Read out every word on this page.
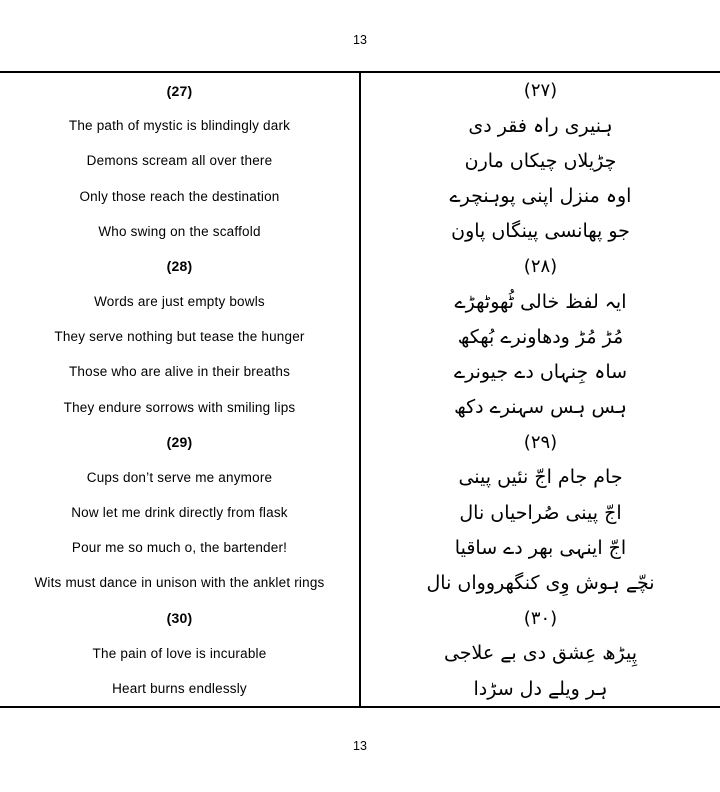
13
(27)
The path of mystic is blindingly dark
Demons scream all over there
Only those reach the destination
Who swing on the scaffold
(28)
Words are just empty bowls
They serve nothing but tease the hunger
Those who are alive in their breaths
They endure sorrows with smiling lips
(29)
Cups don’t serve me anymore
Now let me drink directly from flask
Pour me so much o, the bartender!
Wits must dance in unison with the anklet rings
(30)
The pain of love is incurable
Heart burns endlessly
(۲۷)
ہنیری راہ فقر دی
چڑیلاں چیکاں مارن
اوہ منزل اپنی پوہنچرے
جو پھانسی پینگاں پاون
(۲۸)
ایہ لفظ خالی ٹُھوٹھڑے
مُڑ مُڑ ودھاونرے بُھکھ
ساہ جِنہاں دے جیونرے
ہس ہس سہنرے دکھ
(۲۹)
جام جام اجّ نئیں پینی
اجّ پینی صُراحیاں نال
اجّ اینہی بھر دے ساقیا
نچّے ہوش وِی کنگھروواں نال
(۳۰)
پِیڑھ عِشق دی بے علاجی
ہر ویلے دل سڑدا
13
